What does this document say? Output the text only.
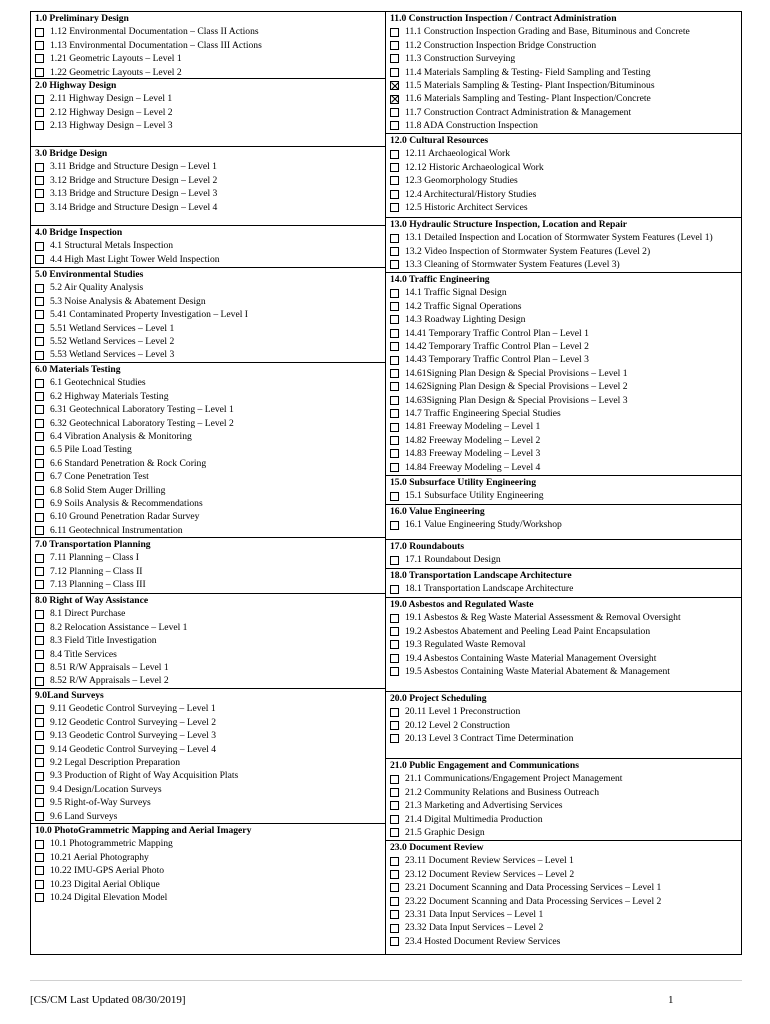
1.0 Preliminary Design
1.12 Environmental Documentation – Class II Actions
1.13 Environmental Documentation – Class III Actions
1.21 Geometric Layouts – Level 1
1.22 Geometric Layouts – Level 2
2.0 Highway Design
2.11 Highway Design – Level 1
2.12 Highway Design – Level 2
2.13 Highway Design – Level 3
3.0 Bridge Design
3.11 Bridge and Structure Design – Level 1
3.12 Bridge and Structure Design – Level 2
3.13 Bridge and Structure Design – Level 3
3.14 Bridge and Structure Design – Level 4
4.0 Bridge Inspection
4.1 Structural Metals Inspection
4.4 High Mast Light Tower Weld Inspection
5.0 Environmental Studies
5.2 Air Quality Analysis
5.3 Noise Analysis & Abatement Design
5.41 Contaminated Property Investigation – Level I
5.51 Wetland Services – Level 1
5.52 Wetland Services – Level 2
5.53 Wetland Services – Level 3
6.0 Materials Testing
6.1 Geotechnical Studies
6.2 Highway Materials Testing
6.31 Geotechnical Laboratory Testing – Level 1
6.32 Geotechnical Laboratory Testing – Level 2
6.4 Vibration Analysis & Monitoring
6.5 Pile Load Testing
6.6 Standard Penetration & Rock Coring
6.7 Cone Penetration Test
6.8 Solid Stem Auger Drilling
6.9 Soils Analysis & Recommendations
6.10 Ground Penetration Radar Survey
6.11 Geotechnical Instrumentation
7.0 Transportation Planning
7.11 Planning – Class I
7.12 Planning – Class II
7.13 Planning – Class III
8.0 Right of Way Assistance
8.1 Direct Purchase
8.2 Relocation Assistance – Level 1
8.3 Field Title Investigation
8.4 Title Services
8.51 R/W Appraisals – Level 1
8.52 R/W Appraisals – Level 2
9.0Land Surveys
9.11 Geodetic Control Surveying – Level 1
9.12 Geodetic Control Surveying – Level 2
9.13 Geodetic Control Surveying – Level 3
9.14 Geodetic Control Surveying – Level 4
9.2 Legal Description Preparation
9.3 Production of Right of Way Acquisition Plats
9.4 Design/Location Surveys
9.5 Right-of-Way Surveys
9.6 Land Surveys
10.0 PhotoGrammetric Mapping and Aerial Imagery
10.1 Photogrammetric Mapping
10.21 Aerial Photography
10.22 IMU-GPS Aerial Photo
10.23 Digital Aerial Oblique
10.24 Digital Elevation Model
11.0 Construction Inspection / Contract Administration
11.1 Construction Inspection Grading and Base, Bituminous and Concrete
11.2 Construction Inspection Bridge Construction
11.3 Construction Surveying
11.4 Materials Sampling & Testing- Field Sampling and Testing
11.5 Materials Sampling & Testing- Plant Inspection/Bituminous
11.6 Materials Sampling and Testing- Plant Inspection/Concrete
11.7 Construction Contract Administration & Management
11.8 ADA Construction Inspection
12.0 Cultural Resources
12.11 Archaeological Work
12.12 Historic Archaeological Work
12.3 Geomorphology Studies
12.4 Architectural/History Studies
12.5 Historic Architect Services
13.0 Hydraulic Structure Inspection, Location and Repair
13.1 Detailed Inspection and Location of Stormwater System Features (Level 1)
13.2 Video Inspection of Stormwater System Features (Level 2)
13.3 Cleaning of Stormwater System Features (Level 3)
14.0 Traffic Engineering
14.1 Traffic Signal Design
14.2 Traffic Signal Operations
14.3 Roadway Lighting Design
14.41 Temporary Traffic Control Plan – Level 1
14.42 Temporary Traffic Control Plan – Level 2
14.43 Temporary Traffic Control Plan – Level 3
14.61Signing Plan Design & Special Provisions – Level 1
14.62Signing Plan Design & Special Provisions – Level 2
14.63Signing Plan Design & Special Provisions – Level 3
14.7 Traffic Engineering Special Studies
14.81 Freeway Modeling – Level 1
14.82 Freeway Modeling – Level 2
14.83 Freeway Modeling – Level 3
14.84 Freeway Modeling – Level 4
15.0 Subsurface Utility Engineering
15.1 Subsurface Utility Engineering
16.0 Value Engineering
16.1 Value Engineering Study/Workshop
17.0 Roundabouts
17.1 Roundabout Design
18.0 Transportation Landscape Architecture
18.1 Transportation Landscape Architecture
19.0 Asbestos and Regulated Waste
19.1 Asbestos & Reg Waste Material Assessment & Removal Oversight
19.2 Asbestos Abatement and Peeling Lead Paint Encapsulation
19.3 Regulated Waste Removal
19.4 Asbestos Containing Waste Material Management Oversight
19.5 Asbestos Containing Waste Material Abatement & Management
20.0 Project Scheduling
20.11 Level 1 Preconstruction
20.12 Level 2 Construction
20.13 Level 3 Contract Time Determination
21.0 Public Engagement and Communications
21.1 Communications/Engagement Project Management
21.2 Community Relations and Business Outreach
21.3 Marketing and Advertising Services
21.4 Digital Multimedia Production
21.5 Graphic Design
23.0 Document Review
23.11 Document Review Services – Level 1
23.12 Document Review Services – Level 2
23.21 Document Scanning and Data Processing Services – Level 1
23.22 Document Scanning and Data Processing Services – Level 2
23.31 Data Input Services – Level 1
23.32 Data Input Services – Level 2
23.4 Hosted Document Review Services
[CS/CM Last Updated 08/30/2019]	1
